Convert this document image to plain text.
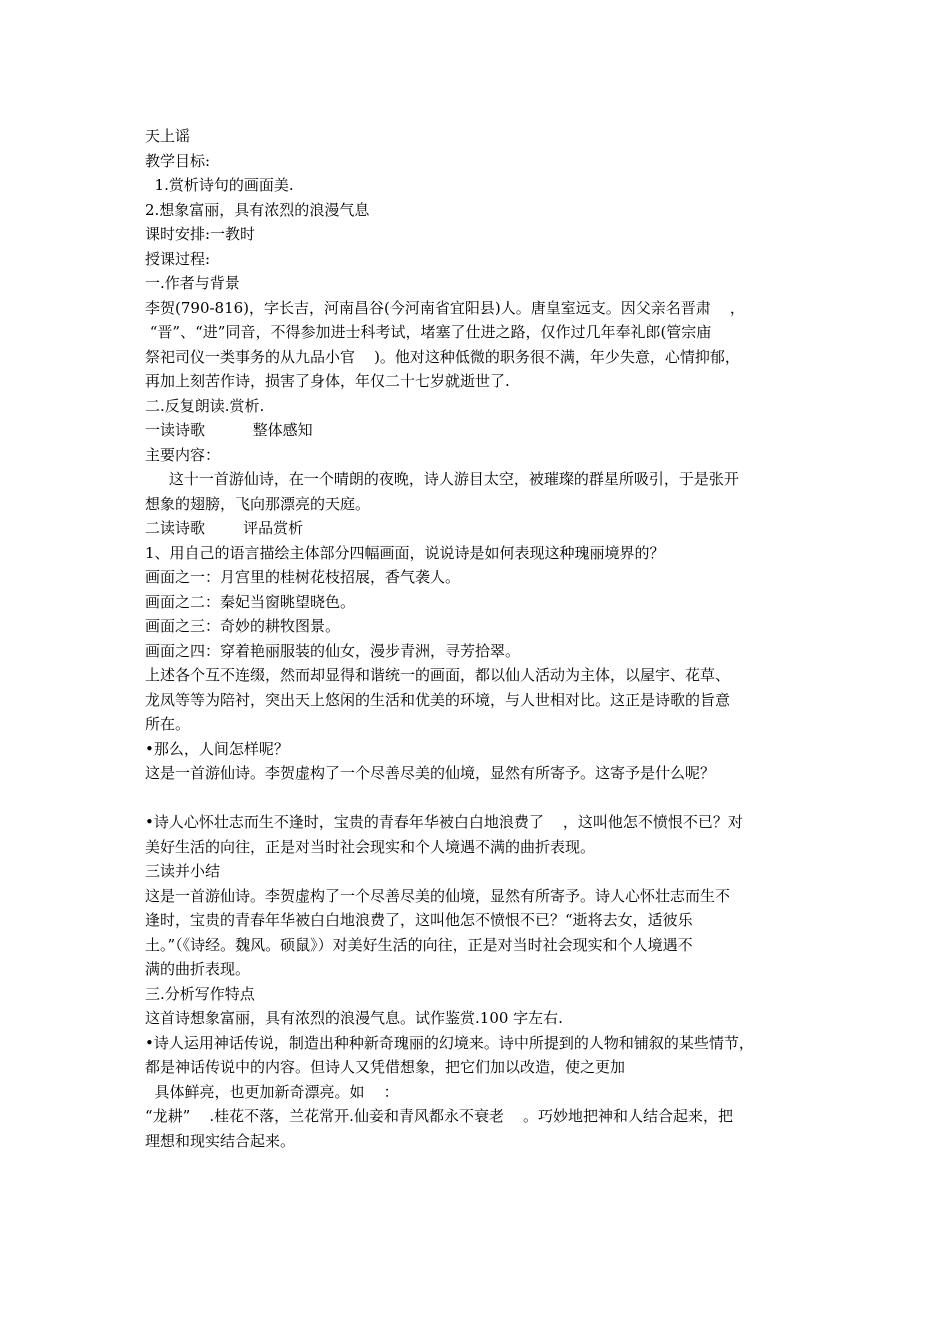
天上谣
教学目标:
1.赏析诗句的画面美.
2.想象富丽，具有浓烈的浪漫气息
课时安排:一教时
授课过程:
一.作者与背景
李贺(790-816)，字长吉，河南昌谷(今河南省宜阳县)人。唐皇室远支。因父亲名晋肃    ，
“晋”、“进”同音，不得参加进士科考试，堵塞了仕进之路，仅作过几年奉礼郎(管宗庙
祭祀司仪一类事务的从九品小官    )。他对这种低微的职务很不满，年少失意，心情抑郁，
再加上刻苦作诗，损害了身体，年仅二十七岁就逝世了.
二.反复朗读.赏析.
一读诗歌          整体感知
主要内容：
这十一首游仙诗，在一个晴朗的夜晚，诗人游目太空，被璀璨的群星所吸引，于是张开
想象的翅膀，飞向那漂亮的天庭。
二读诗歌        评品赏析
1、用自己的语言描绘主体部分四幅画面，说说诗是如何表现这种瑰丽境界的？
画面之一：月宫里的桂树花枝招展，香气袭人。
画面之二：秦妃当窗眺望晓色。
画面之三：奇妙的耕牧图景。
画面之四：穿着艳丽服装的仙女，漫步青洲，寻芳拾翠。
上述各个互不连缀，然而却显得和谐统一的画面，都以仙人活动为主体，以屋宇、花草、
龙凤等等为陪衬，突出天上悠闲的生活和优美的环境，与人世相对比。这正是诗歌的旨意
所在。
•那么，人间怎样呢？
这是一首游仙诗。李贺虚构了一个尽善尽美的仙境，显然有所寄予。这寄予是什么呢？
•诗人心怀壮志而生不逢时，宝贵的青春年华被白白地浪费了    ，这叫他怎不愤恨不已？对
美好生活的向往，正是对当时社会现实和个人境遇不满的曲折表现。
三读并小结
这是一首游仙诗。李贺虚构了一个尽善尽美的仙境，显然有所寄予。诗人心怀壮志而生不
逢时，宝贵的青春年华被白白地浪费了，这叫他怎不愤恨不已？“逝将去女，适彼乐
土。”（《诗经。魏风。硕鼠》）对美好生活的向往，正是对当时社会现实和个人境遇不
满的曲折表现。
三.分析写作特点
这首诗想象富丽，具有浓烈的浪漫气息。试作鉴赏.100 字左右.
•诗人运用神话传说，制造出种种新奇瑰丽的幻境来。诗中所提到的人物和铺叙的某些情节，
都是神话传说中的内容。但诗人又凭借想象，把它们加以改造，使之更加
具体鲜亮，也更加新奇漂亮。如    ：
“龙耕”    .桂花不落，兰花常开.仙妾和青风都永不衰老    。巧妙地把神和人结合起来，把
理想和现实结合起来。
